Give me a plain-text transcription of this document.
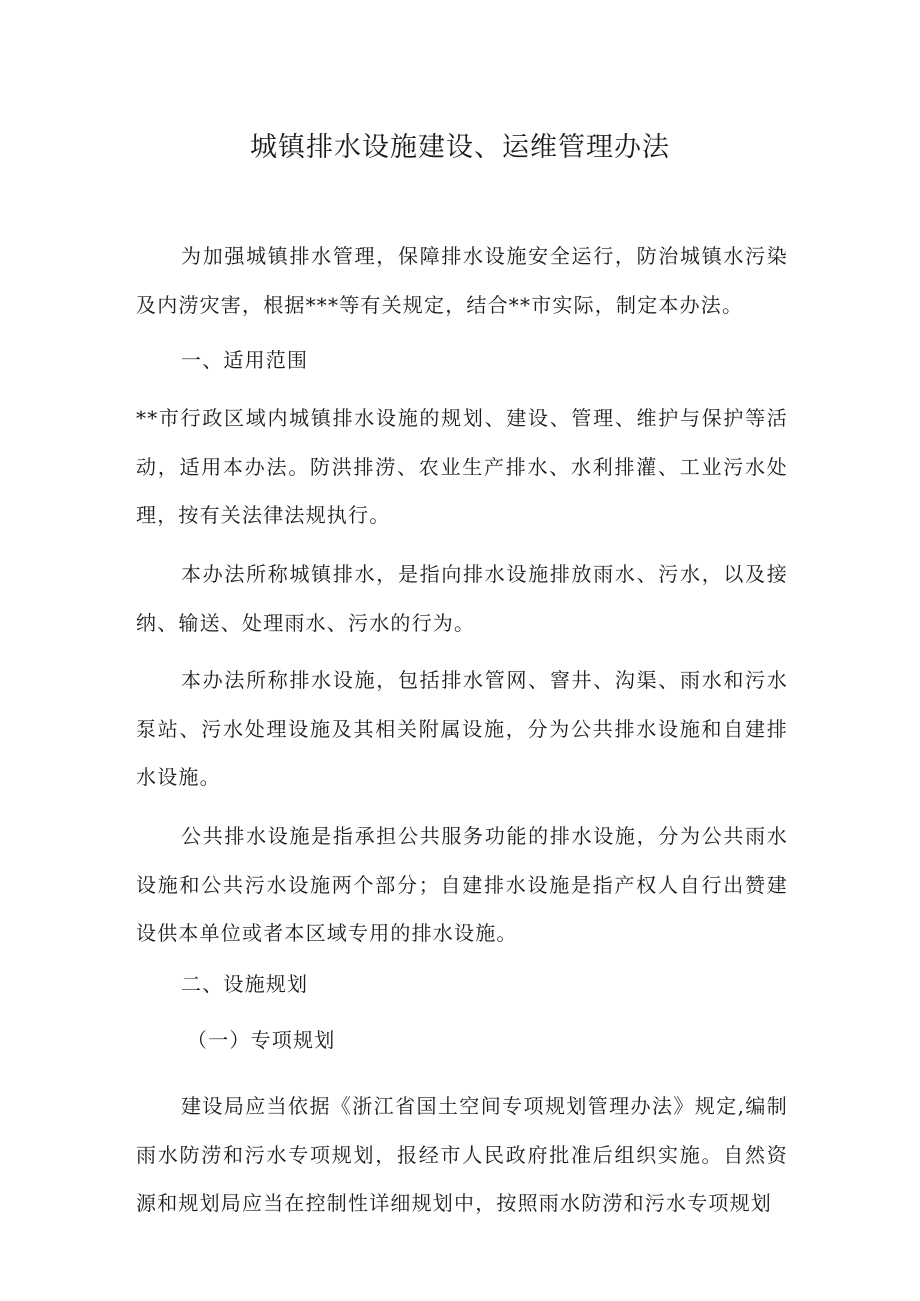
城镇排水设施建设、运维管理办法

为加强城镇排水管理，保障排水设施安全运行，防治城镇水污染及内涝灾害，根据***等有关规定，结合**市实际，制定本办法。

一、适用范围

**市行政区域内城镇排水设施的规划、建设、管理、维护与保护等活动，适用本办法。防洪排涝、农业生产排水、水利排灌、工业污水处理，按有关法律法规执行。

本办法所称城镇排水，是指向排水设施排放雨水、污水，以及接纳、输送、处理雨水、污水的行为。

本办法所称排水设施，包括排水管网、窨井、沟渠、雨水和污水泵站、污水处理设施及其相关附属设施，分为公共排水设施和自建排水设施。

公共排水设施是指承担公共服务功能的排水设施，分为公共雨水设施和公共污水设施两个部分；自建排水设施是指产权人自行出赞建设供本单位或者本区域专用的排水设施。

二、设施规划

（一）专项规划

建设局应当依据《浙江省国土空间专项规划管理办法》规定,编制雨水防涝和污水专项规划，报经市人民政府批准后组织实施。自然资源和规划局应当在控制性详细规划中，按照雨水防涝和污水专项规划
